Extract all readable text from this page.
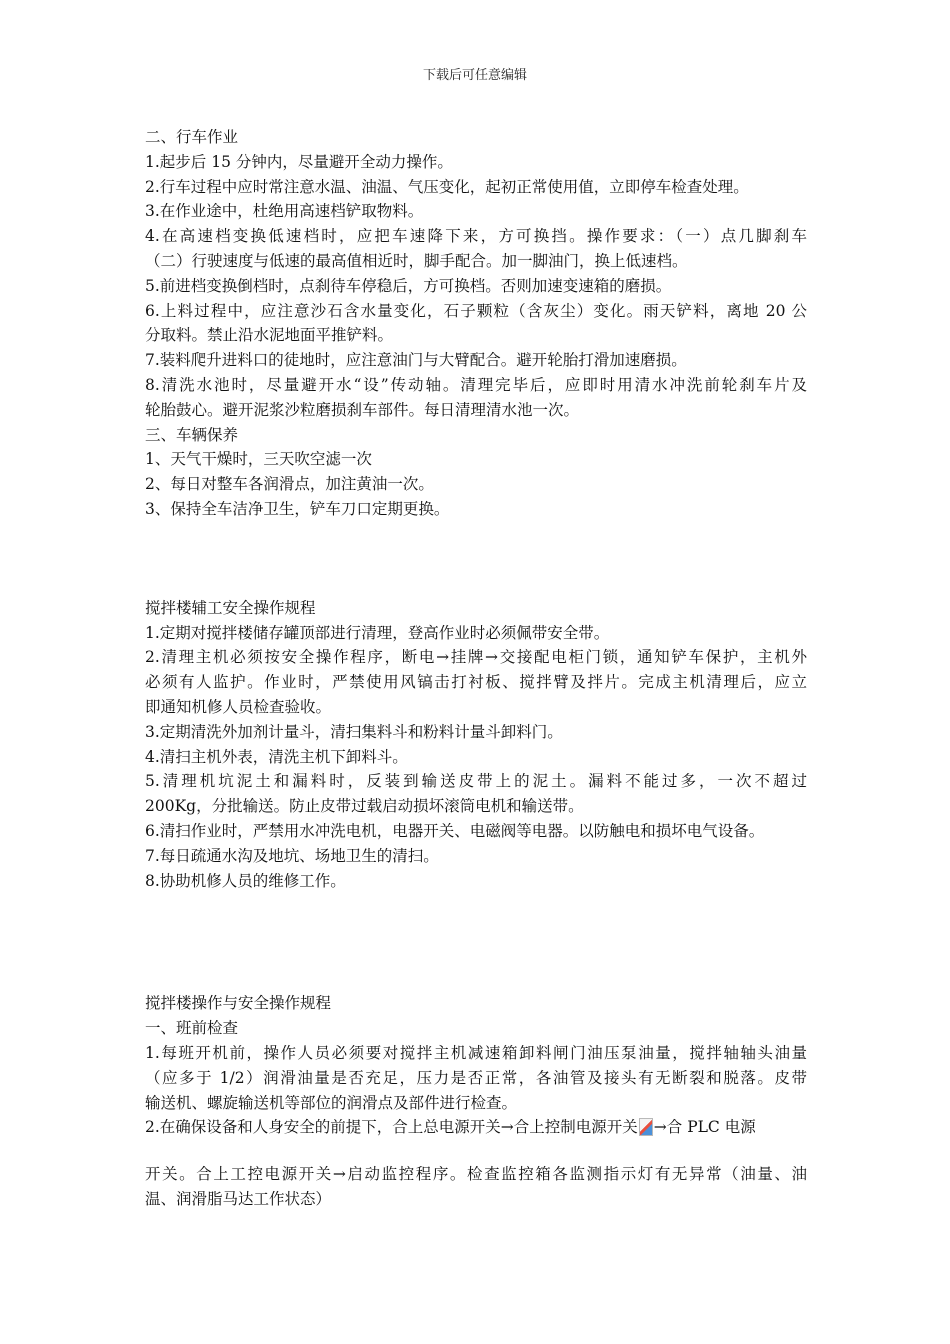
下载后可任意编辑
二、行车作业
1.起步后 15 分钟内，尽量避开全动力操作。
2.行车过程中应时常注意水温、油温、气压变化，起初正常使用值，立即停车检查处理。
3.在作业途中，杜绝用高速档铲取物料。
4.在高速档变换低速档时，应把车速降下来，方可换挡。操作要求：（一）点几脚刹车
（二）行驶速度与低速的最高值相近时，脚手配合。加一脚油门，换上低速档。
5.前进档变换倒档时，点刹待车停稳后，方可换档。否则加速变速箱的磨损。
6.上料过程中，应注意沙石含水量变化，石子颗粒（含灰尘）变化。雨天铲料，离地 20 公
分取料。禁止沿水泥地面平推铲料。
7.装料爬升进料口的徒地时，应注意油门与大臂配合。避开轮胎打滑加速磨损。
8.清洗水池时，尽量避开水“设”传动轴。清理完毕后，应即时用清水冲洗前轮刹车片及
轮胎鼓心。避开泥浆沙粒磨损刹车部件。每日清理清水池一次。
三、车辆保养
1、天气干燥时，三天吹空滤一次
2、每日对整车各润滑点，加注黄油一次。
3、保持全车洁净卫生，铲车刀口定期更换。
搅拌楼辅工安全操作规程
1.定期对搅拌楼储存罐顶部进行清理，登高作业时必须佩带安全带。
2.清理主机必须按安全操作程序，断电→挂牌→交接配电柜门锁，通知铲车保护，主机外
必须有人监护。作业时，严禁使用风镐击打衬板、搅拌臂及拌片。完成主机清理后，应立
即通知机修人员检查验收。
3.定期清洗外加剂计量斗，清扫集料斗和粉料计量斗卸料门。
4.清扫主机外表，清洗主机下卸料斗。
5.清理机坑泥土和漏料时，反装到输送皮带上的泥土。漏料不能过多，一次不超过
200Kg，分批输送。防止皮带过载启动损坏滚筒电机和输送带。
6.清扫作业时，严禁用水冲洗电机，电器开关、电磁阀等电器。以防触电和损坏电气设备。
7.每日疏通水沟及地坑、场地卫生的清扫。
8.协助机修人员的维修工作。
搅拌楼操作与安全操作规程
一、班前检查
1.每班开机前，操作人员必须要对搅拌主机减速箱卸料闸门油压泵油量，搅拌轴轴头油量
（应多于 1/2）润滑油量是否充足，压力是否正常，各油管及接头有无断裂和脱落。皮带
输送机、螺旋输送机等部位的润滑点及部件进行检查。
2.在确保设备和人身安全的前提下，合上总电源开关→合上控制电源开关 →合 PLC 电源
开关。合上工控电源开关→启动监控程序。检查监控箱各监测指示灯有无异常（油量、油
温、润滑脂马达工作状态）
